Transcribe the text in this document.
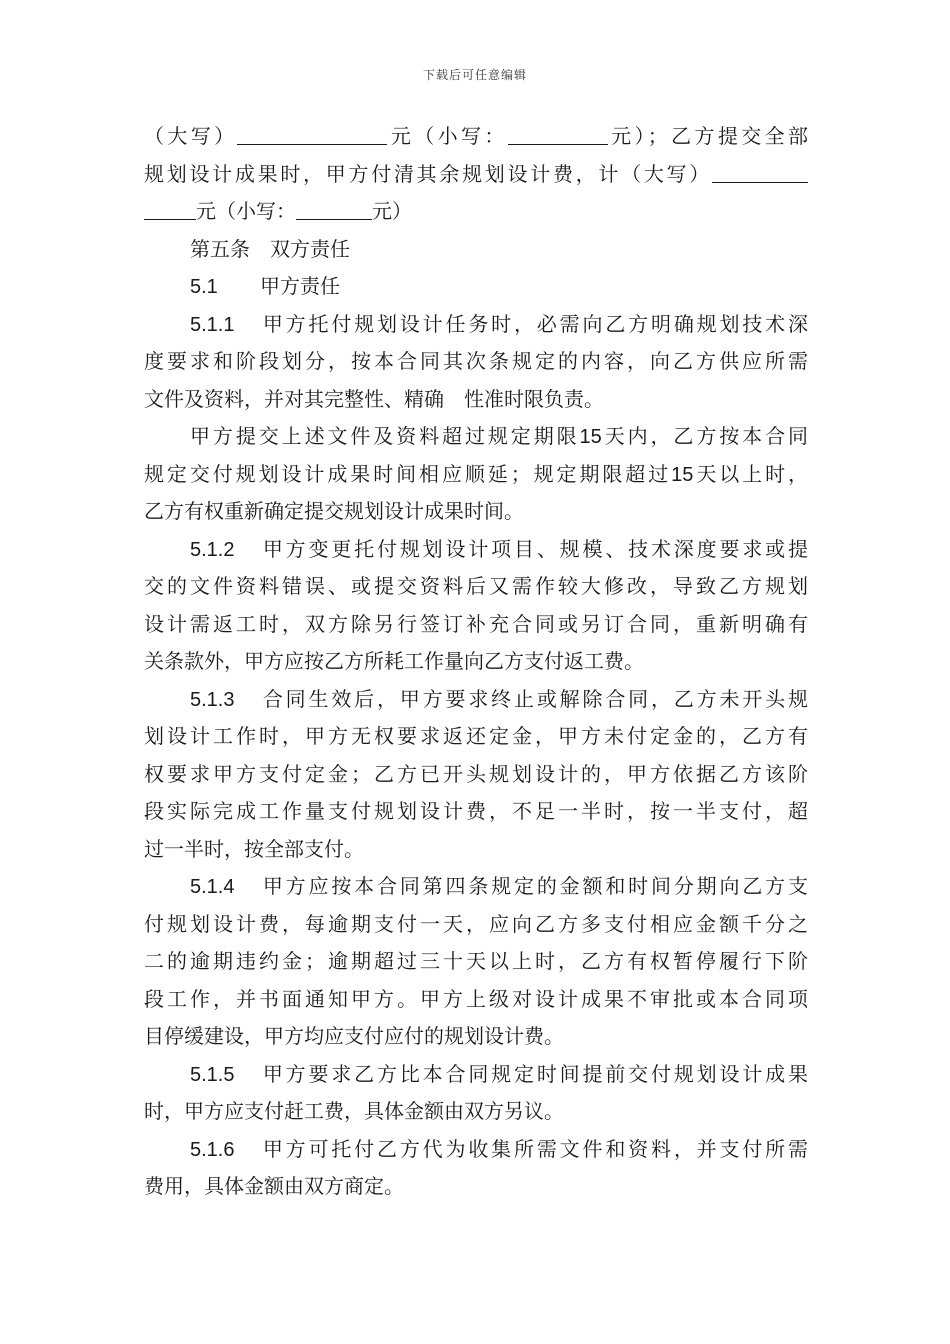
下载后可任意编辑
（大写）	元（小写：	元）；乙方提交全部
规划设计成果时，甲方付清其余规划设计费，计（大写）
元（小写：	元）
第五条　双方责任
5.1 甲方责任
5.1.1 甲方托付规划设计任务时，必需向乙方明确规划技术深
度要求和阶段划分，按本合同其次条规定的内容，向乙方供应所需
文件及资料，并对其完整性、精确　性准时限负责。
甲方提交上述文件及资料超过规定期限15天内，乙方按本合同
规定交付规划设计成果时间相应顺延；规定期限超过15天以上时，
乙方有权重新确定提交规划设计成果时间。
5.1.2 甲方变更托付规划设计项目、规模、技术深度要求或提
交的文件资料错误、或提交资料后又需作较大修改，导致乙方规划
设计需返工时，双方除另行签订补充合同或另订合同，重新明确有
关条款外，甲方应按乙方所耗工作量向乙方支付返工费。
5.1.3 合同生效后，甲方要求终止或解除合同，乙方未开头规
划设计工作时，甲方无权要求返还定金，甲方未付定金的，乙方有
权要求甲方支付定金；乙方已开头规划设计的，甲方依据乙方该阶
段实际完成工作量支付规划设计费，不足一半时，按一半支付，超
过一半时，按全部支付。
5.1.4 甲方应按本合同第四条规定的金额和时间分期向乙方支
付规划设计费，每逾期支付一天，应向乙方多支付相应金额千分之
二的逾期违约金；逾期超过三十天以上时，乙方有权暂停履行下阶
段工作，并书面通知甲方。甲方上级对设计成果不审批或本合同项
目停缓建设，甲方均应支付应付的规划设计费。
5.1.5 甲方要求乙方比本合同规定时间提前交付规划设计成果
时，甲方应支付赶工费，具体金额由双方另议。
5.1.6 甲方可托付乙方代为收集所需文件和资料，并支付所需
费用，具体金额由双方商定。
